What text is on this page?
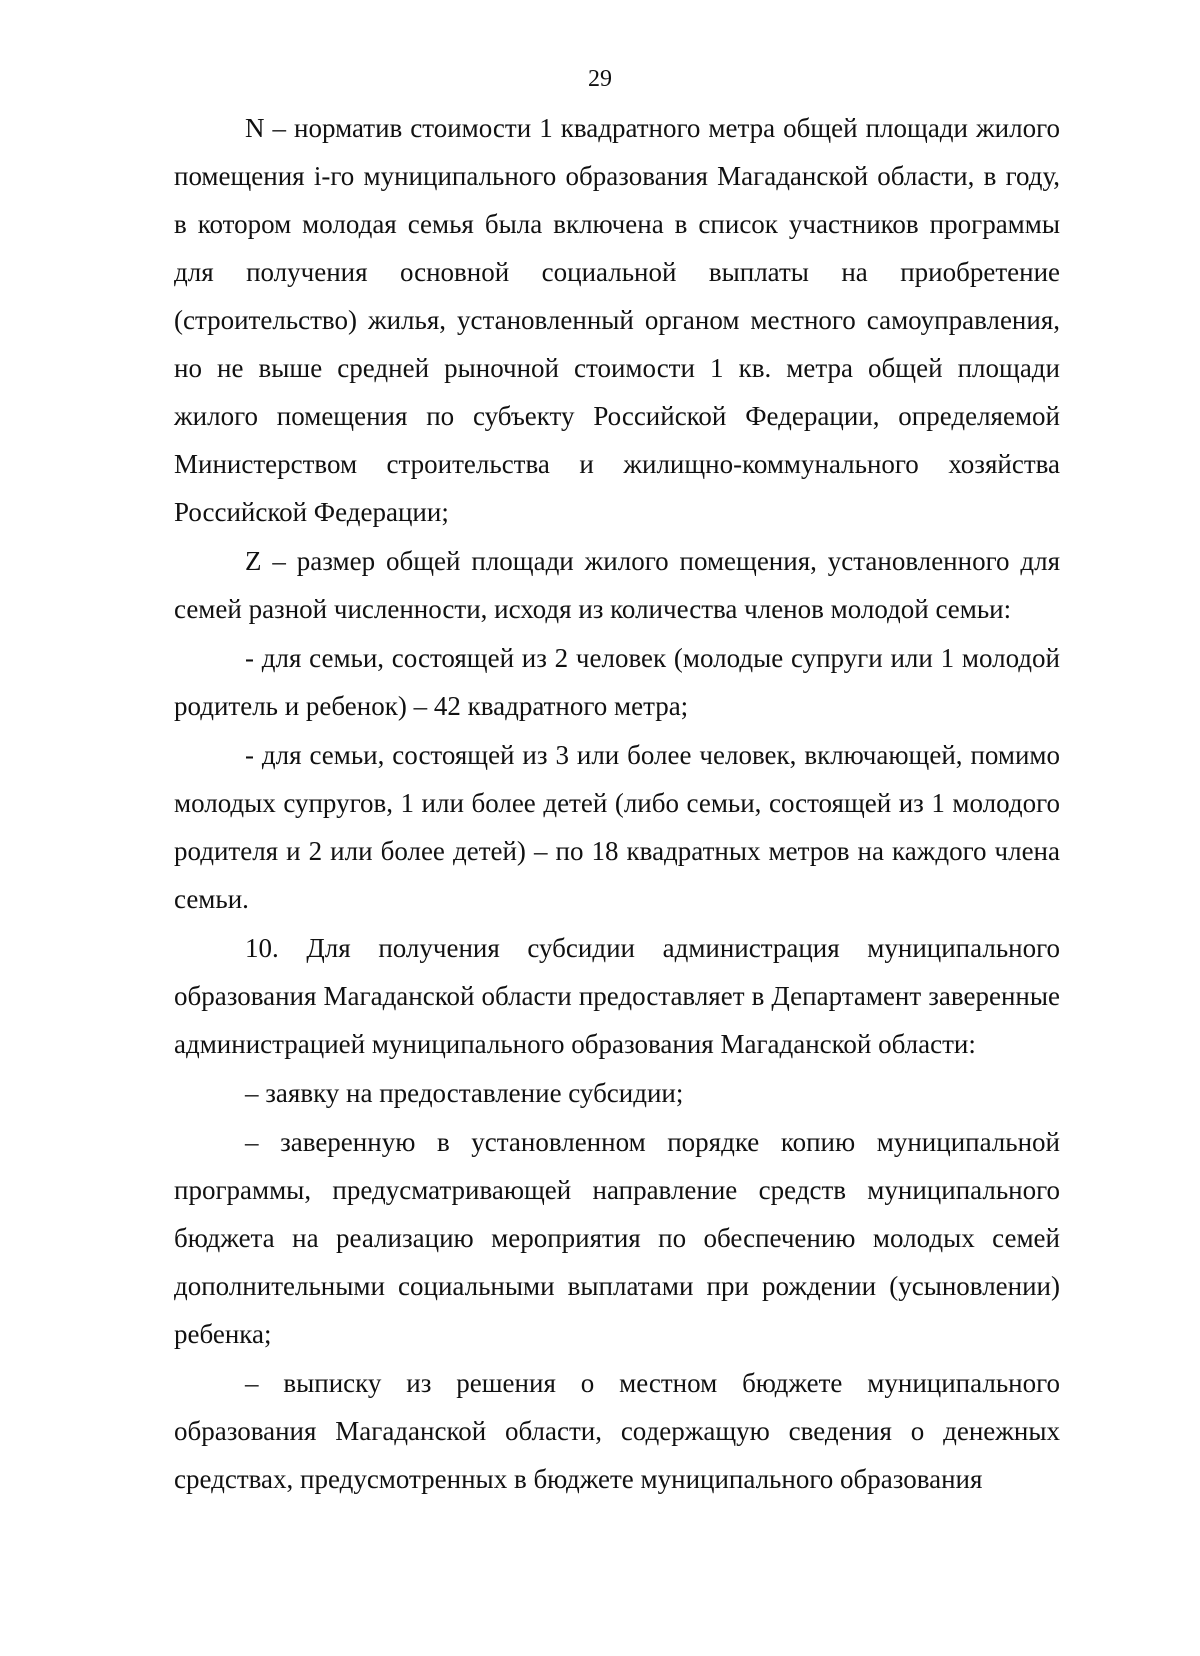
29

N – норматив стоимости 1 квадратного метра общей площади жилого помещения i-го муниципального образования Магаданской области, в году, в котором молодая семья была включена в список участников программы для получения основной социальной выплаты на приобретение (строительство) жилья, установленный органом местного самоуправления, но не выше средней рыночной стоимости 1 кв. метра общей площади жилого помещения по субъекту Российской Федерации, определяемой Министерством строительства и жилищно-коммунального хозяйства Российской Федерации;

Z – размер общей площади жилого помещения, установленного для семей разной численности, исходя из количества членов молодой семьи:

- для семьи, состоящей из 2 человек (молодые супруги или 1 молодой родитель и ребенок) – 42 квадратного метра;

- для семьи, состоящей из 3 или более человек, включающей, помимо молодых супругов, 1 или более детей (либо семьи, состоящей из 1 молодого родителя и 2 или более детей) – по 18 квадратных метров на каждого члена семьи.

10. Для получения субсидии администрация муниципального образования Магаданской области предоставляет в Департамент заверенные администрацией муниципального образования Магаданской области:

– заявку на предоставление субсидии;

– заверенную в установленном порядке копию муниципальной программы, предусматривающей направление средств муниципального бюджета на реализацию мероприятия по обеспечению молодых семей дополнительными социальными выплатами при рождении (усыновлении) ребенка;

– выписку из решения о местном бюджете муниципального образования Магаданской области, содержащую сведения о денежных средствах, предусмотренных в бюджете муниципального образования
